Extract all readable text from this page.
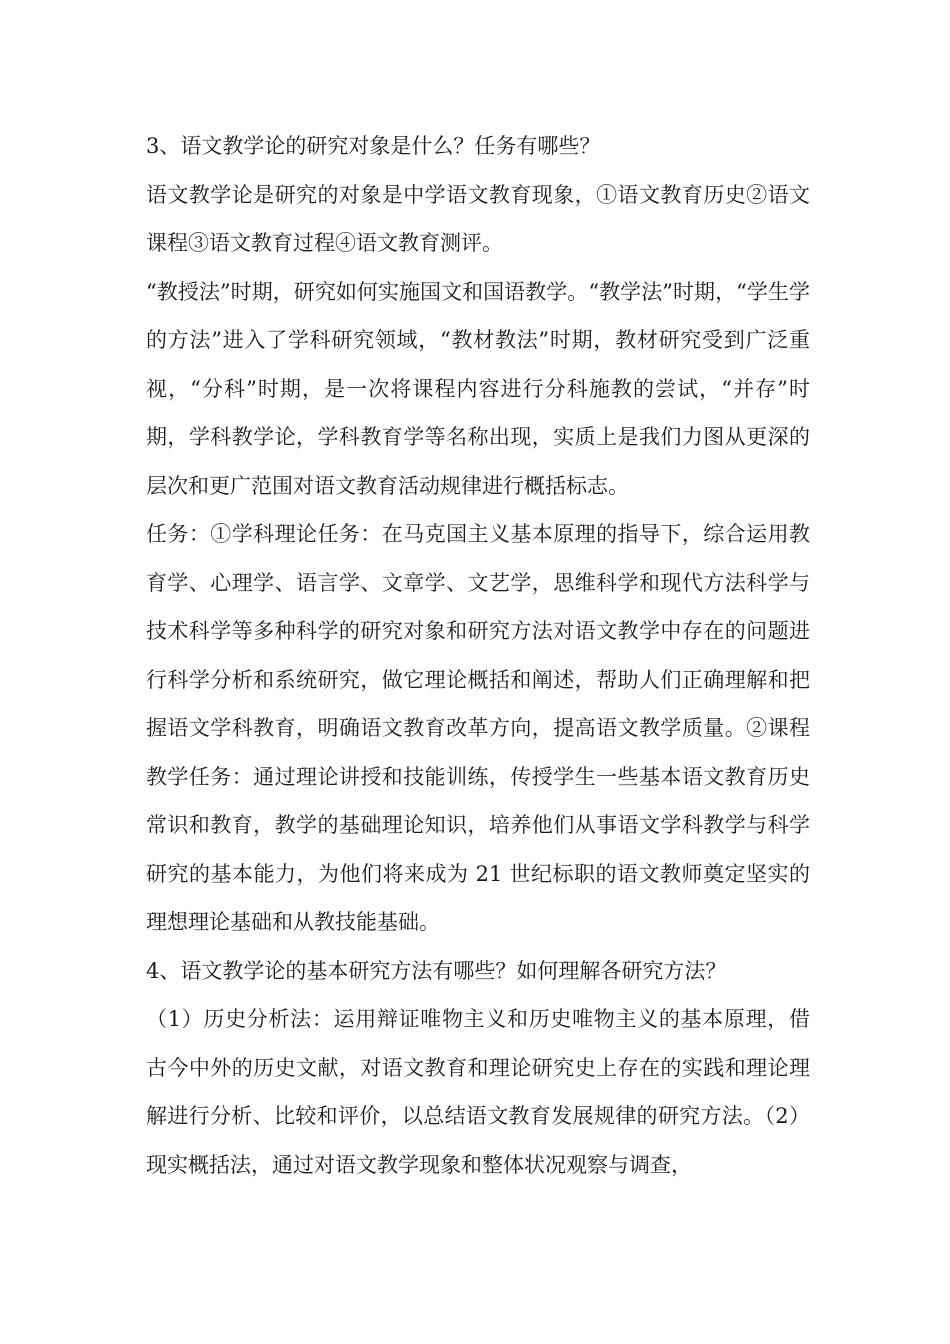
3、语文教学论的研究对象是什么？任务有哪些？

语文教学论是研究的对象是中学语文教育现象，①语文教育历史②语文课程③语文教育过程④语文教育测评。

“教授法”时期，研究如何实施国文和国语教学。“教学法”时期，“学生学的方法”进入了学科研究领域，“教材教法”时期，教材研究受到广泛重视，“分科”时期，是一次将课程内容进行分科施教的尝试，“并存”时期，学科教学论，学科教育学等名称出现，实质上是我们力图从更深的层次和更广范围对语文教育活动规律进行概括标志。

任务：①学科理论任务：在马克国主义基本原理的指导下，综合运用教育学、心理学、语言学、文章学、文艺学，思维科学和现代方法科学与技术科学等多种科学的研究对象和研究方法对语文教学中存在的问题进行科学分析和系统研究，做它理论概括和阐述，帮助人们正确理解和把握语文学科教育，明确语文教育改革方向，提高语文教学质量。②课程教学任务：通过理论讲授和技能训练，传授学生一些基本语文教育历史常识和教育，教学的基础理论知识，培养他们从事语文学科教学与科学研究的基本能力，为他们将来成为 21 世纪标职的语文教师奠定坚实的理想理论基础和从教技能基础。

4、语文教学论的基本研究方法有哪些？如何理解各研究方法？

（1）历史分析法：运用辩证唯物主义和历史唯物主义的基本原理，借古今中外的历史文献，对语文教育和理论研究史上存在的实践和理论理解进行分析、比较和评价，以总结语文教育发展规律的研究方法。（2）现实概括法，通过对语文教学现象和整体状况观察与调查，
